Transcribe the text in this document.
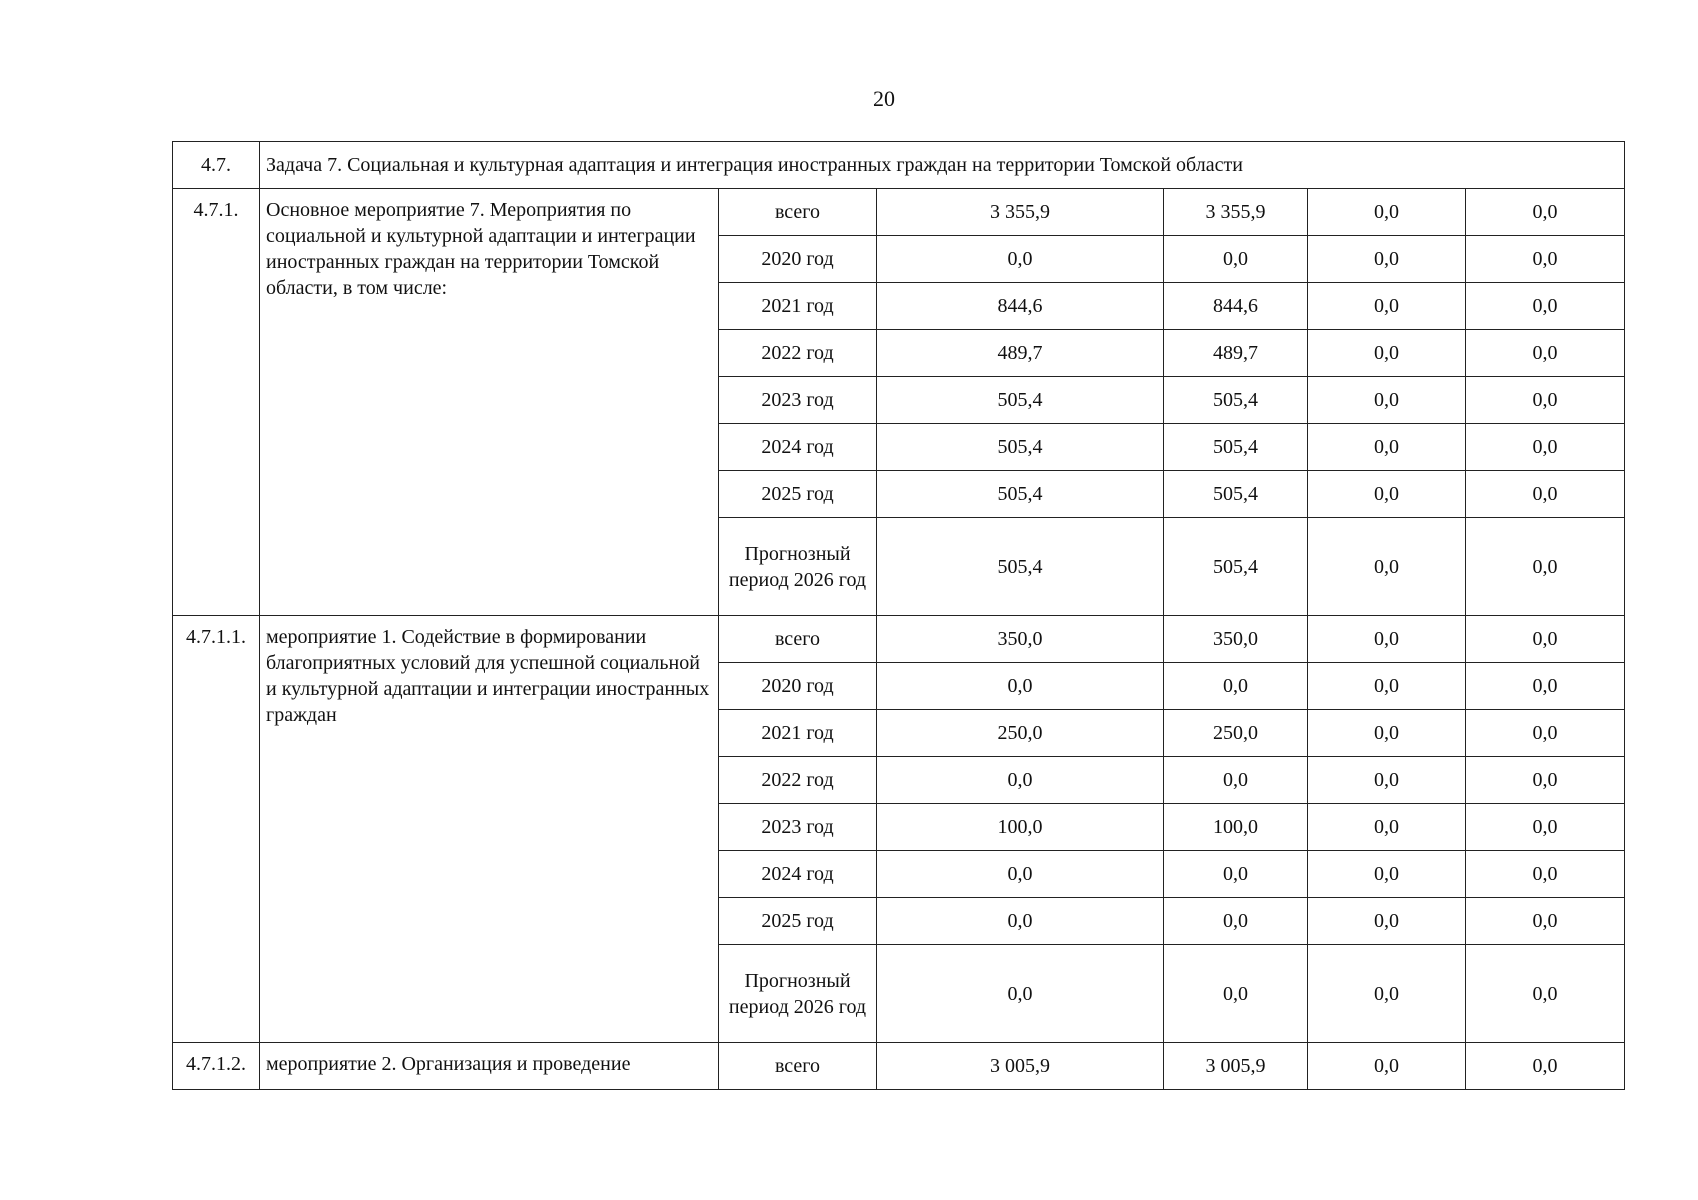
20
4.7.	Задача 7. Социальная и культурная адаптация и интеграция иностранных граждан на территории Томской области					
4.7.1.	Основное мероприятие 7. Мероприятия по социальной и культурной адаптации и интеграции иностранных граждан на территории Томской области, в том числе:	всего	3 355,9	3 355,9	0,0	0,0
		2020 год	0,0	0,0	0,0	0,0
		2021 год	844,6	844,6	0,0	0,0
		2022 год	489,7	489,7	0,0	0,0
		2023 год	505,4	505,4	0,0	0,0
		2024 год	505,4	505,4	0,0	0,0
		2025 год	505,4	505,4	0,0	0,0
		Прогнозный период 2026 год	505,4	505,4	0,0	0,0
4.7.1.1.	мероприятие 1. Содействие в формировании благоприятных условий для успешной социальной и культурной адаптации и интеграции иностранных граждан	всего	350,0	350,0	0,0	0,0
		2020 год	0,0	0,0	0,0	0,0
		2021 год	250,0	250,0	0,0	0,0
		2022 год	0,0	0,0	0,0	0,0
		2023 год	100,0	100,0	0,0	0,0
		2024 год	0,0	0,0	0,0	0,0
		2025 год	0,0	0,0	0,0	0,0
		Прогнозный период 2026 год	0,0	0,0	0,0	0,0
4.7.1.2.	мероприятие 2. Организация и проведение	всего	3 005,9	3 005,9	0,0	0,0
